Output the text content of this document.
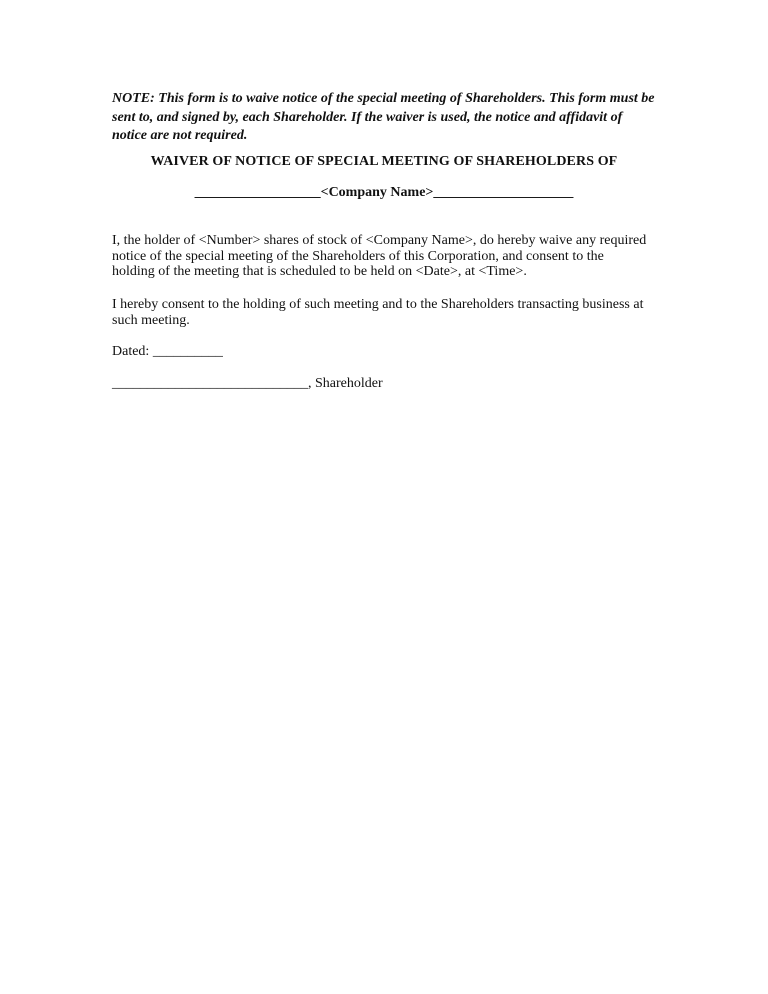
NOTE: This form is to waive notice of the special meeting of Shareholders. This form must be sent to, and signed by, each Shareholder. If the waiver is used, the notice and affidavit of notice are not required.

WAIVER OF NOTICE OF SPECIAL MEETING OF SHAREHOLDERS OF

__________________<Company Name>____________________

I, the holder of <Number> shares of stock of <Company Name>, do hereby waive any required notice of the special meeting of the Shareholders of this Corporation, and consent to the holding of the meeting that is scheduled to be held on <Date>, at <Time>.

I hereby consent to the holding of such meeting and to the Shareholders transacting business at such meeting.

Dated: __________

____________________________, Shareholder
